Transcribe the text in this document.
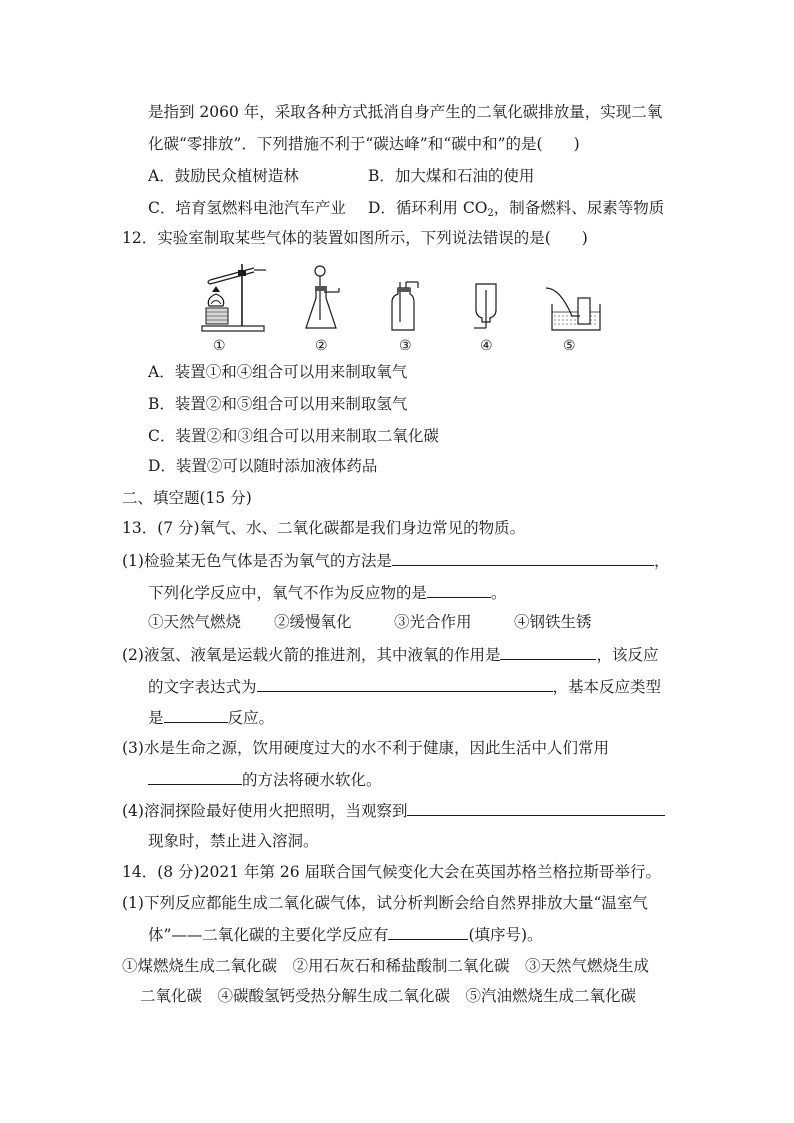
是指到 2060 年，采取各种方式抵消自身产生的二氧化碳排放量，实现二氧
化碳“零排放”．下列措施不利于“碳达峰”和“碳中和”的是(　　)
A．鼓励民众植树造林	B．加大煤和石油的使用
C．培育氢燃料电池汽车产业 D．循环利用 $CO_2$，制备燃料、尿素等物质
12．实验室制取某些气体的装置如图所示，下列说法错误的是(　　)
①	②	③	④	⑤
A．装置①和④组合可以用来制取氧气
B．装置②和⑤组合可以用来制取氢气
C．装置②和③组合可以用来制取二氧化碳
D．装置②可以随时添加液体药品
二、填空题(15 分)
13．(7 分)氧气、水、二氧化碳都是我们身边常见的物质。
(1)检验某无色气体是否为氧气的方法是	，
下列化学反应中，氧气不作为反应物的是	。
①天然气燃烧 ②缓慢氧化	③光合作用	④钢铁生锈
(2)液氢、液氧是运载火箭的推进剂，其中液氧的作用是	，该反应
的文字表达式为	，基本反应类型
是	反应。
(3)水是生命之源，饮用硬度过大的水不利于健康，因此生活中人们常用
的方法将硬水软化。
(4)溶洞探险最好使用火把照明，当观察到
现象时，禁止进入溶洞。
14．(8 分)2021 年第 26 届联合国气候变化大会在英国苏格兰格拉斯哥举行。
(1)下列反应都能生成二氧化碳气体，试分析判断会给自然界排放大量“温室气
体”——二氧化碳的主要化学反应有	(填序号)。
①煤燃烧生成二氧化碳　②用石灰石和稀盐酸制二氧化碳　③天然气燃烧生成
二氧化碳　④碳酸氢钙受热分解生成二氧化碳　⑤汽油燃烧生成二氧化碳
